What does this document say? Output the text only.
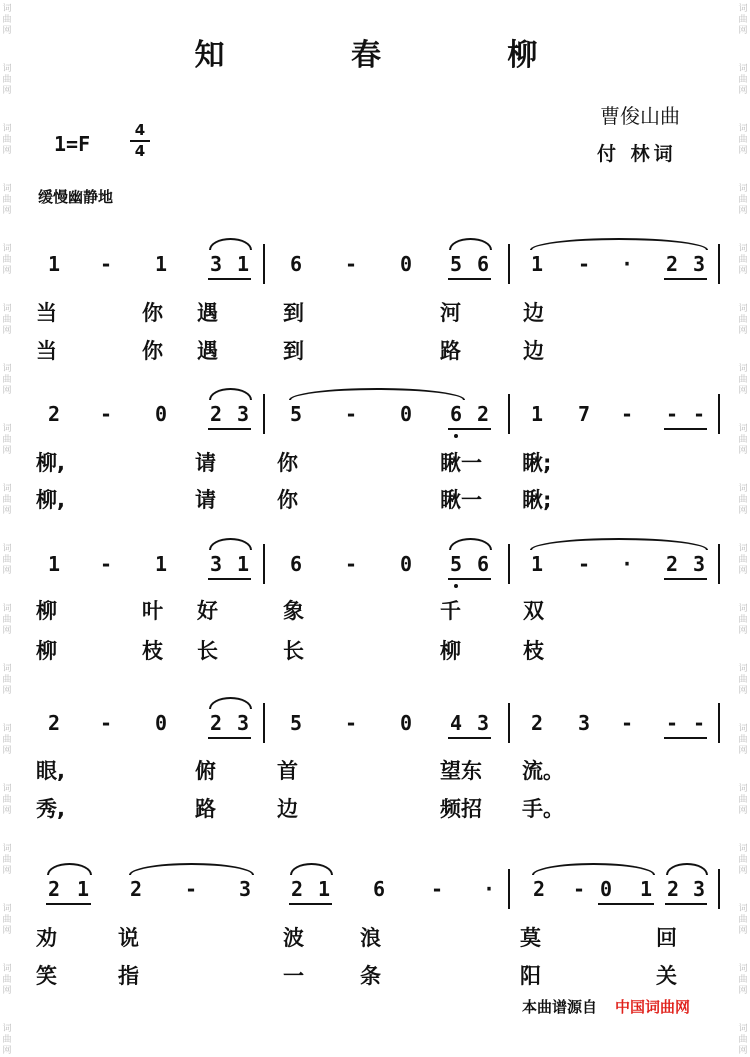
知 春 柳
曹俊山曲
付 林词
1=F
4
4
缓慢幽静地
1 - 1 3 1 6 - 0 5 6 1 - · 2 3
当	你 遇	到	河	边
当	你 遇	到	路	边
2 - 0 2 3 5 - 0 6 2 1 7 - - -
柳,	请	你	瞅一 瞅;
柳,	请	你	瞅一 瞅;
1 - 1 3 1 6 - 0 5 6 1 - · 2 3
柳	叶 好	象	千	双
柳	枝 长	长	柳	枝
2 - 0 2 3 5 - 0 4 3 2 3 - - -
眼,	俯	首	望东 流。
秀,	路	边	频招 手。
2 1 2 - 3 2 1 6 - · 2 - 0 1 2 3
劝	说	波	浪	莫	回
笑	指	一	条	阳	关
词曲网
词曲网
词曲网
词曲网
词曲网
词曲网
词曲网
词曲网
词曲网
词曲网
词曲网
词曲网
词曲网
词曲网
词曲网
词曲网
词曲网
词曲网
词曲网
词曲网
词曲网
词曲网
词曲网
词曲网
词曲网
词曲网
词曲网
词曲网
词曲网
词曲网
词曲网
词曲网
词曲网
词曲网
词曲网
词曲网
本曲谱源自 中国词曲网
